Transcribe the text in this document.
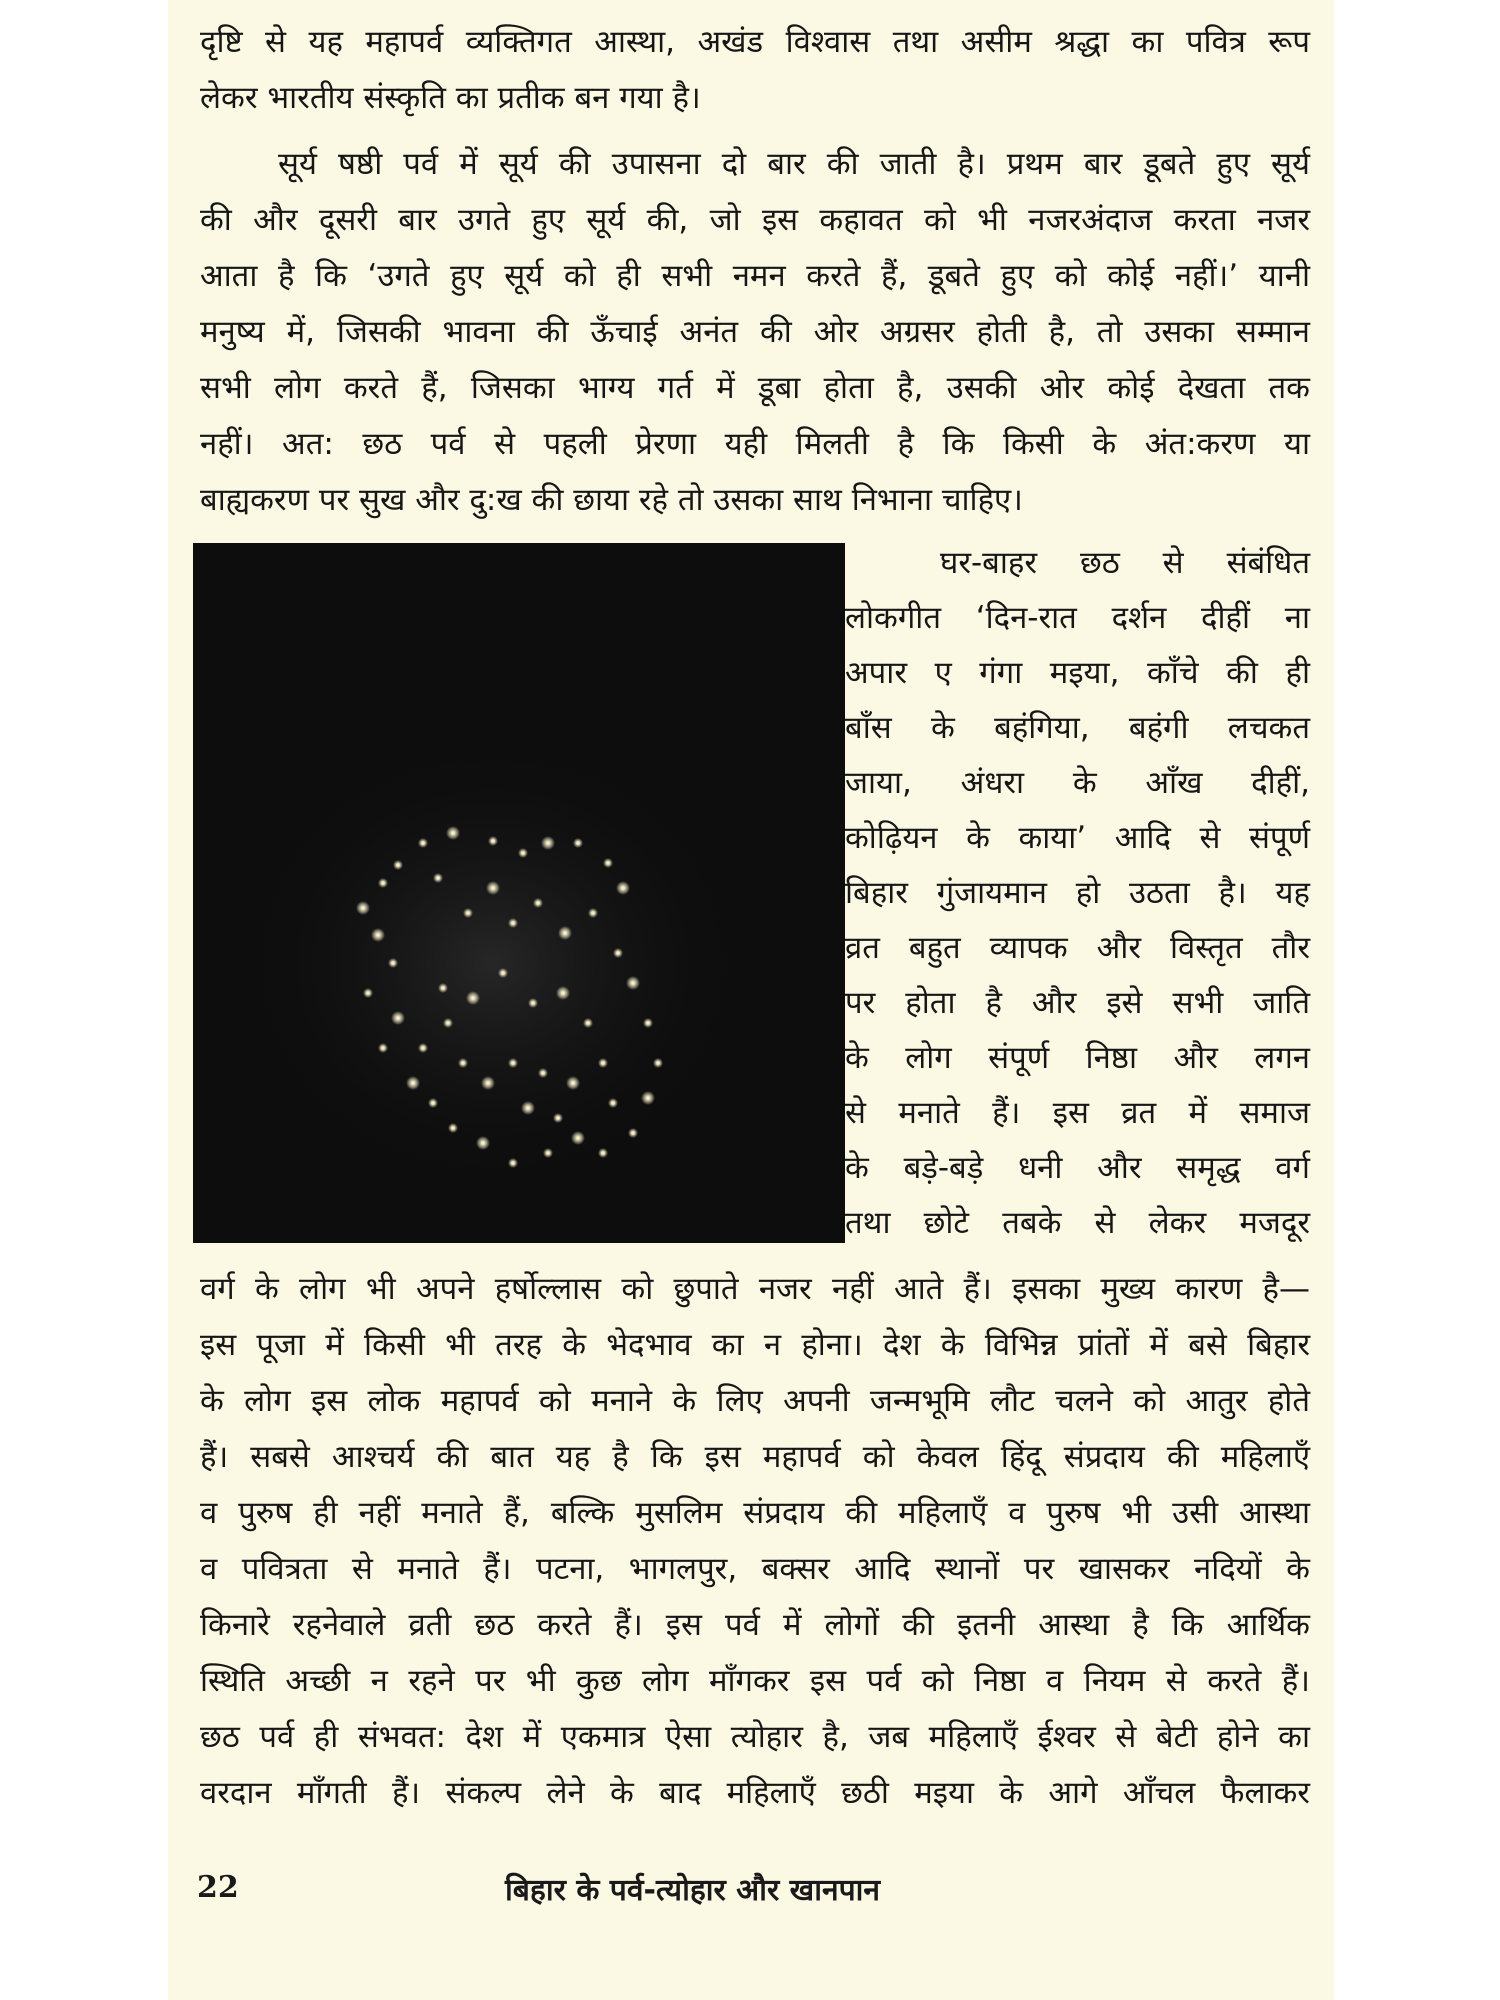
दृष्टि से यह महापर्व व्यक्तिगत आस्था, अखंड विश्वास तथा असीम श्रद्धा का पवित्र रूप
लेकर भारतीय संस्कृति का प्रतीक बन गया है।
सूर्य षष्ठी पर्व में सूर्य की उपासना दो बार की जाती है। प्रथम बार डूबते हुए सूर्य
की और दूसरी बार उगते हुए सूर्य की, जो इस कहावत को भी नजरअंदाज करता नजर
आता है कि ‘उगते हुए सूर्य को ही सभी नमन करते हैं, डूबते हुए को कोई नहीं।’ यानी
मनुष्य में, जिसकी भावना की ऊँचाई अनंत की ओर अग्रसर होती है, तो उसका सम्मान
सभी लोग करते हैं, जिसका भाग्य गर्त में डूबा होता है, उसकी ओर कोई देखता तक
नहीं। अत: छठ पर्व से पहली प्रेरणा यही मिलती है कि किसी के अंत:करण या
बाह्यकरण पर सुख और दु:ख की छाया रहे तो उसका साथ निभाना चाहिए।
घर-बाहर छठ से संबंधित
लोकगीत ‘दिन-रात दर्शन दीहीं ना
अपार ए गंगा मइया, काँचे की ही
बाँस के बहंगिया, बहंगी लचकत
जाया, अंधरा के आँख दीहीं,
कोढ़ियन के काया’ आदि से संपूर्ण
बिहार गुंजायमान हो उठता है। यह
व्रत बहुत व्यापक और विस्तृत तौर
पर होता है और इसे सभी जाति
के लोग संपूर्ण निष्ठा और लगन
से मनाते हैं। इस व्रत में समाज
के बड़े-बड़े धनी और समृद्ध वर्ग
तथा छोटे तबके से लेकर मजदूर
वर्ग के लोग भी अपने हर्षोल्लास को छुपाते नजर नहीं आते हैं। इसका मुख्य कारण है—
इस पूजा में किसी भी तरह के भेदभाव का न होना। देश के विभिन्न प्रांतों में बसे बिहार
के लोग इस लोक महापर्व को मनाने के लिए अपनी जन्मभूमि लौट चलने को आतुर होते
हैं। सबसे आश्चर्य की बात यह है कि इस महापर्व को केवल हिंदू संप्रदाय की महिलाएँ
व पुरुष ही नहीं मनाते हैं, बल्कि मुसलिम संप्रदाय की महिलाएँ व पुरुष भी उसी आस्था
व पवित्रता से मनाते हैं। पटना, भागलपुर, बक्सर आदि स्थानों पर खासकर नदियों के
किनारे रहनेवाले व्रती छठ करते हैं। इस पर्व में लोगों की इतनी आस्था है कि आर्थिक
स्थिति अच्छी न रहने पर भी कुछ लोग माँगकर इस पर्व को निष्ठा व नियम से करते हैं।
छठ पर्व ही संभवत: देश में एकमात्र ऐसा त्योहार है, जब महिलाएँ ईश्वर से बेटी होने का
वरदान माँगती हैं। संकल्प लेने के बाद महिलाएँ छठी मइया के आगे आँचल फैलाकर
22	बिहार के पर्व-त्योहार और खानपान
